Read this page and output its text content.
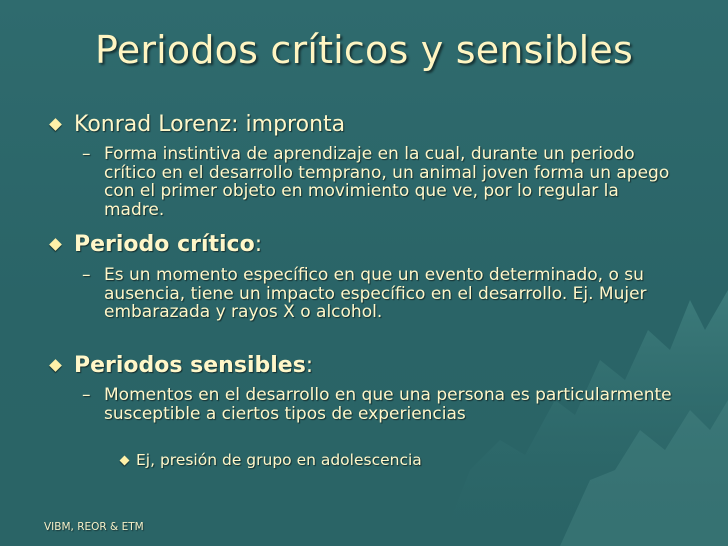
Periodos críticos y sensibles
Konrad Lorenz: impronta
– Forma instintiva de aprendizaje en la cual, durante un periodo crítico en el desarrollo temprano, un animal joven forma un apego con el primer objeto en movimiento que ve, por lo regular la madre.
Periodo crítico:
– Es un momento específico en que un evento determinado, o su ausencia, tiene un impacto específico en el desarrollo. Ej. Mujer embarazada y rayos X o alcohol.
Periodos sensibles:
– Momentos en el desarrollo en que una persona es particularmente susceptible a ciertos tipos de experiencias
Ej, presión de grupo en adolescencia
VIBM, REOR & ETM
